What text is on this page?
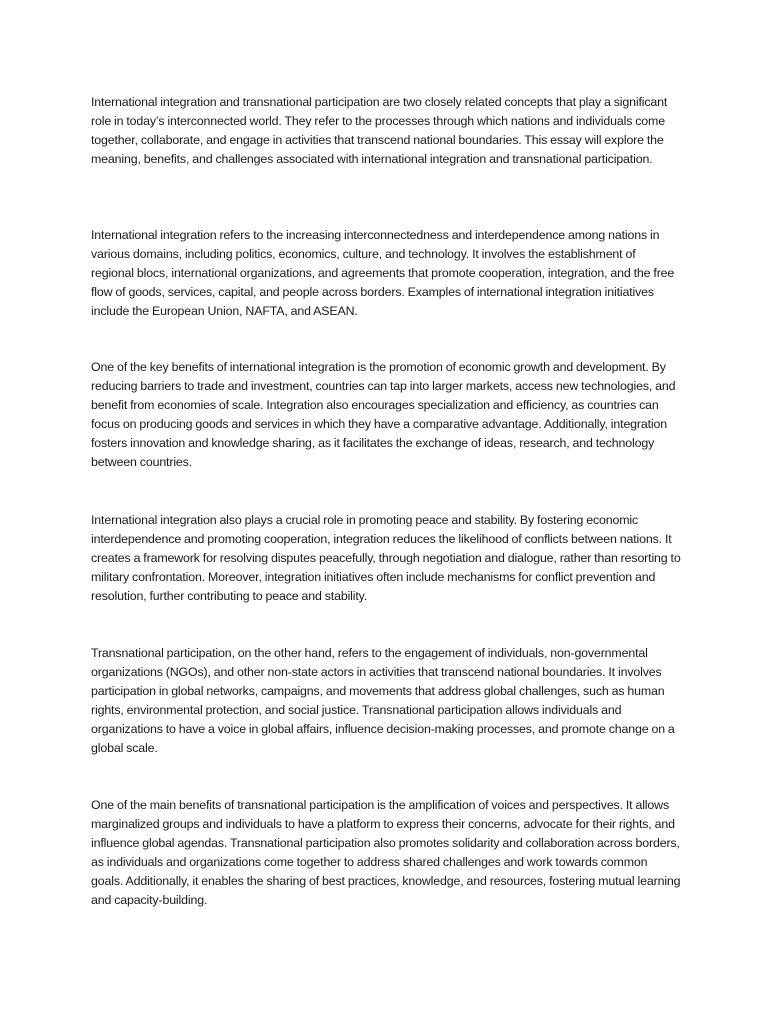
International integration and transnational participation are two closely related concepts that play a significant role in today’s interconnected world. They refer to the processes through which nations and individuals come together, collaborate, and engage in activities that transcend national boundaries. This essay will explore the meaning, benefits, and challenges associated with international integration and transnational participation.

International integration refers to the increasing interconnectedness and interdependence among nations in various domains, including politics, economics, culture, and technology. It involves the establishment of regional blocs, international organizations, and agreements that promote cooperation, integration, and the free flow of goods, services, capital, and people across borders. Examples of international integration initiatives include the European Union, NAFTA, and ASEAN.

One of the key benefits of international integration is the promotion of economic growth and development. By reducing barriers to trade and investment, countries can tap into larger markets, access new technologies, and benefit from economies of scale. Integration also encourages specialization and efficiency, as countries can focus on producing goods and services in which they have a comparative advantage. Additionally, integration fosters innovation and knowledge sharing, as it facilitates the exchange of ideas, research, and technology between countries.

International integration also plays a crucial role in promoting peace and stability. By fostering economic interdependence and promoting cooperation, integration reduces the likelihood of conflicts between nations. It creates a framework for resolving disputes peacefully, through negotiation and dialogue, rather than resorting to military confrontation. Moreover, integration initiatives often include mechanisms for conflict prevention and resolution, further contributing to peace and stability.

Transnational participation, on the other hand, refers to the engagement of individuals, non-governmental organizations (NGOs), and other non-state actors in activities that transcend national boundaries. It involves participation in global networks, campaigns, and movements that address global challenges, such as human rights, environmental protection, and social justice. Transnational participation allows individuals and organizations to have a voice in global affairs, influence decision-making processes, and promote change on a global scale.

One of the main benefits of transnational participation is the amplification of voices and perspectives. It allows marginalized groups and individuals to have a platform to express their concerns, advocate for their rights, and influence global agendas. Transnational participation also promotes solidarity and collaboration across borders, as individuals and organizations come together to address shared challenges and work towards common goals. Additionally, it enables the sharing of best practices, knowledge, and resources, fostering mutual learning and capacity-building.
